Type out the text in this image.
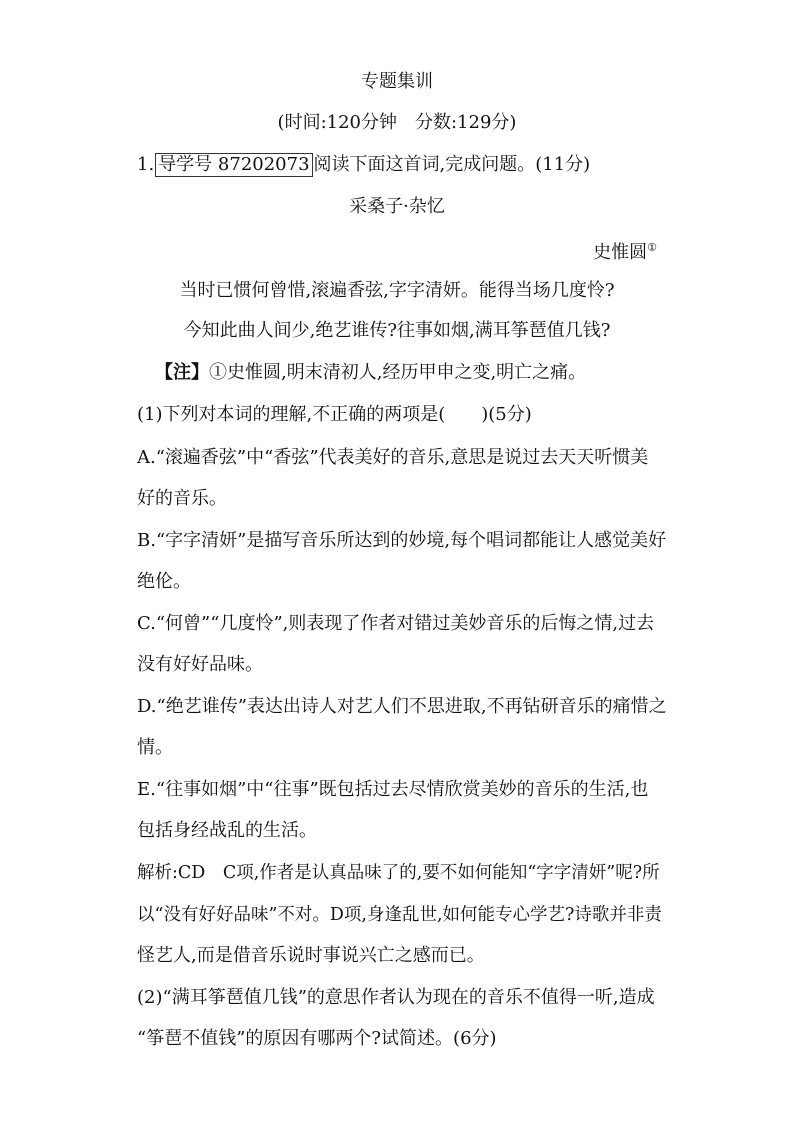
专题集训
(时间:120分钟　分数:129分)
1. 导学号 87202073 阅读下面这首词,完成问题。(11分)
采桑子·杂忆
史惟圆①
当时已惯何曾惜,滚遍香弦,字字清妍。能得当场几度怜?
今知此曲人间少,绝艺谁传?往事如烟,满耳筝琶值几钱?
【注】①史惟圆,明末清初人,经历甲申之变,明亡之痛。
(1)下列对本词的理解,不正确的两项是(　　)(5分)
A.“滚遍香弦”中“香弦”代表美好的音乐,意思是说过去天天听惯美
好的音乐。
B.“字字清妍”是描写音乐所达到的妙境,每个唱词都能让人感觉美好
绝伦。
C.“何曾”“几度怜”,则表现了作者对错过美妙音乐的后悔之情,过去
没有好好品味。
D.“绝艺谁传”表达出诗人对艺人们不思进取,不再钻研音乐的痛惜之
情。
E.“往事如烟”中“往事”既包括过去尽情欣赏美妙的音乐的生活,也
包括身经战乱的生活。
解析:CD　C项,作者是认真品味了的,要不如何能知“字字清妍”呢?所
以“没有好好品味”不对。D项,身逢乱世,如何能专心学艺?诗歌并非责
怪艺人,而是借音乐说时事说兴亡之感而已。
(2)“满耳筝琶值几钱”的意思作者认为现在的音乐不值得一听,造成
“筝琶不值钱”的原因有哪两个?试简述。(6分)
